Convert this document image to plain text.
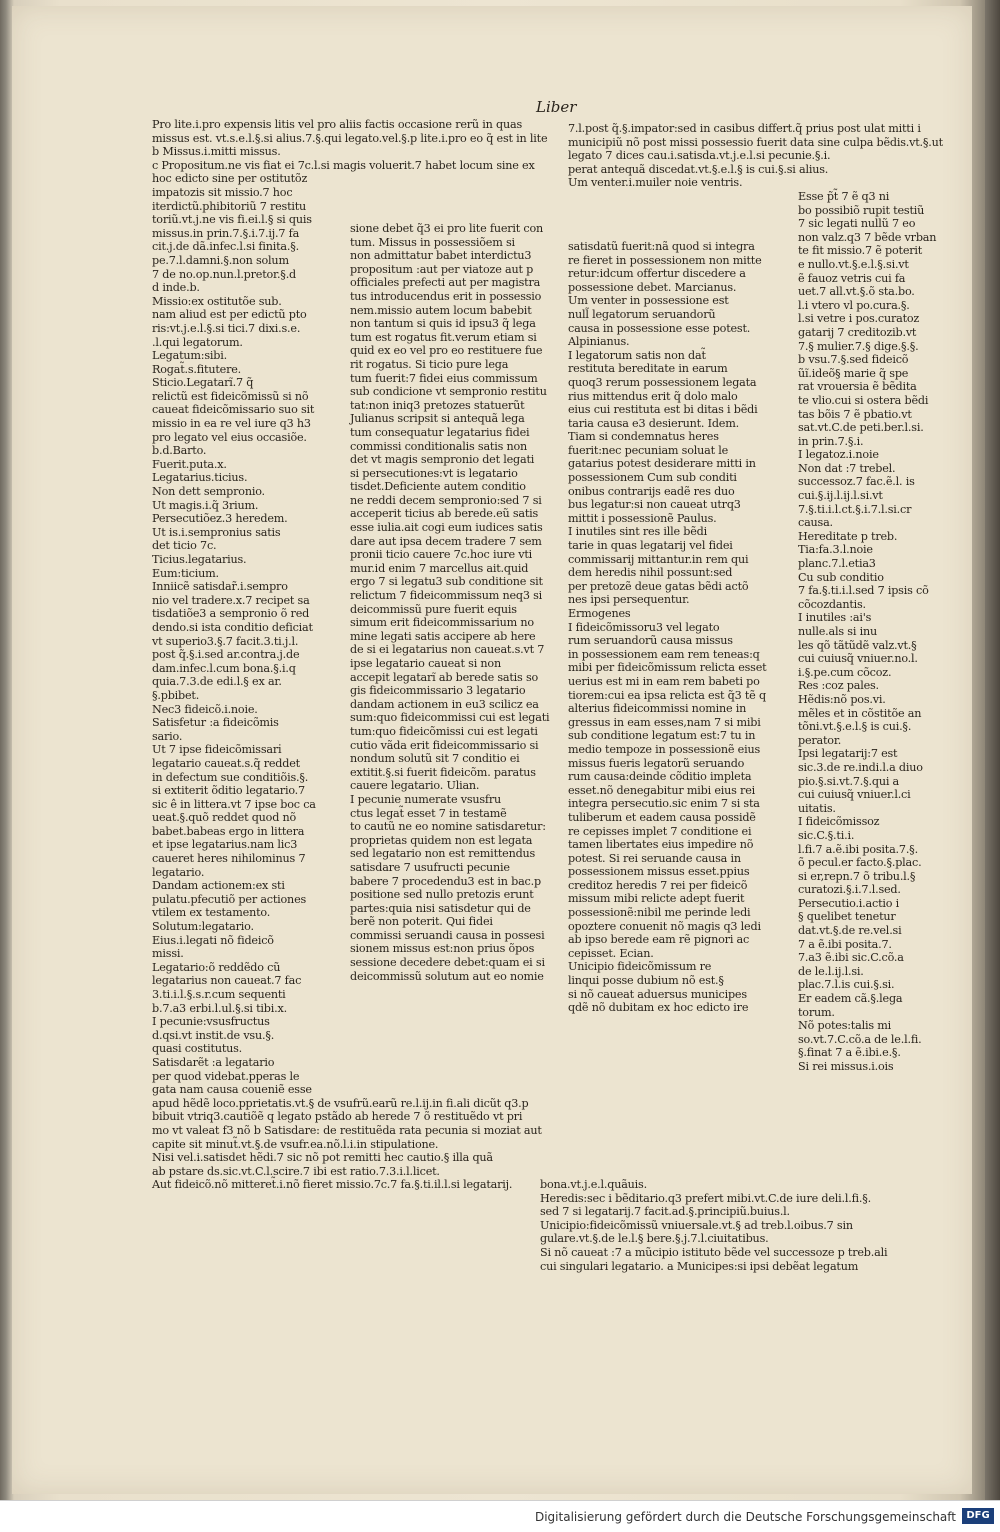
Liber

Pro lite.i.pro expensis litis vel pro aliis factis occasione rerũ in quas

missus est. vt.s.e.l.§.si alius.7.§.qui legato.vel.§.p lite.i.pro eo q̃ est in lite

b Missus.i.mitti missus.

c Propositum.ne vis fiat ei 7c.l.si magis voluerit.7 habet locum sine ex

hoc edicto sine per ostitutõz

impatozis sit missio.7 hoc

iterdictũ.phibitoriũ 7 restitu

toriũ.vt.j.ne vis fi.ei.l.§ si quis

missus.in prin.7.§.i.7.ij.7 fa

cit.j.de dã.infec.l.si finita.§.

pe.7.l.damni.§.non solum

7 de no.op.nun.l.pretor.§.d

d inde.b.

Missio:ex ostitutõe sub.

nam aliud est per edictũ pto

ris:vt.j.e.l.§.si tici.7 dixi.s.e.

.l.qui legatorum.

Legatum:sibi.

Rogat̃.s.fitutere.

Sticio.Legatarĩ.7 q̃

relictũ est fideicõmissũ si nõ

caueat fideicõmissario suo sit

missio in ea re vel iure q3 h3

pro legato vel eius occasiõe.

b.d.Barto.

Fuerit.puta.x.

Legatarius.ticius.

Non dett sempronio.

Ut magis.i.q̃ 3rium.

Persecutiõez.3 heredem.

Ut is.i.sempronius satis

det ticio 7c.

Ticius.legatarius.

Eum:ticium.

Inniicẽ satisdar̃.i.sempro

nio vel tradere.x.7 recipet sa

tisdatiõe3 a sempronio õ red

dendo.si ista conditio deficiat

vt superio3.§.7 facit.3.ti.j.l.

post q̃.§.i.sed ar.contra.j.de

dam.infec.l.cum bona.§.i.q

quia.7.3.de edi.l.§ ex ar.

§.pbibet.

Nec3 fideicõ.i.noie.

Satisfetur :a fideicõmis

sario.

Ut 7 ipse fideicõmissari̇

legatario caueat.s.q̃ reddet

in defectum sue conditiõis.§.

si extiterit õditio legatario.7

sic ê in littera.vt 7 ipse boc ca

ueat.§.quõ reddet quod nõ

babet.babeas ergo in littera

et ipse legatarius.nam lic3

caueret heres nihilominus 7

legatario.

Dandam actionem:ex sti

pulatu.pfecutiõ per actiones

vtilem ex testamento.

Solutum:legatario.

Eius.i.legati nõ fideicõ

missi.

Legatario:õ reddẽdo cũ

legatarius non caueat.7 fac

3.ti.i.l.§.s.r.cum sequenti

b.7.a3 erbi.l.ul.§.si tibi.x.

I pecunie:vsusfructus

d.qsi.vt instit.de vsu.§.

quasi costitutus.

Satisdarẽt :a legatario

per quod videbat.pperas le

gata nam causa coueniẽ esse

apud hẽdẽ loco.pprietatis.vt.§ de vsufrũ.earũ re.l.ij.in fi.ali dicũt q3.p

bibuit vtriq3.cautiõẽ q legato pstãdo ab herede 7 õ restituẽdo vt pri

mo vt valeat f3 nõ b Satisdare: de restituẽda rata pecunia si moziat aut

capite sit minut̃.vt.§.de vsufr.ea.nõ.l.i.in stipulatione.

Nisi vel.i.satisdet hẽdi.7 sic nõ pot remitti hec cautio.§ illa quã

ab pstare ds.sic.vt.C.l.scire.7 ibi est ratio.7.3.i.l.licet.

Aut fideicõ.nõ mitteret̃.i.nõ fieret missio.7c.7 fa.§.ti.il.l.si legatarij.

sione debet q̃3 ei pro lite fuerit con

tum. Missus in possessiõem si

non admittatur babet interdictu3

propositum :aut per viatoze aut p

officiales prefecti aut per magistra

tus introducendus erit in possessio

nem.missio autem locum babebit

non tantum si quis id ipsu3 q̃ lega

tum est rogatus fit.verum etiam si

quid ex eo vel pro eo restituere fue

rit rogatus. Si ticio pure lega

tum fuerit:7 fidei eius commissum

sub condicione vt sempronio restitu

tat:non iniq3 pretozes statuerũt

Julianus scripsit si antequã lega

tum consequatur legatarius fidei

commissi conditionalis satis non

det vt magis sempronio det legati

si persecutiones:vt is legatario

tisdet.Deficiente autem conditio

ne reddi decem sempronio:sed 7 si

acceperit ticius ab berede.eũ satis

esse iulia.ait cogi eum iudices satis

dare aut ipsa decem tradere 7 sem

pronii ticio cauere 7c.hoc iure vti

mur.id enim 7 marcellus ait.quid

ergo 7 si legatu3 sub conditione sit

relictum 7 fideicommissum neq3 si

deicommissũ pure fuerit equis

simum erit fideicommissarium no

mine legati satis accipere ab here

de si ei legatarius non caueat.s.vt 7

ipse legatario caueat si non

accepit legatarĩ ab berede satis so

gis fideicommissario 3 legatario

dandam actionem in eu3 scilicz ea

sum:quo fideicommissi cui est legati

tum:quo fideicõmissi cui est legati

cutio vãda erit fideicommissario si

nondum solutũ sit 7 conditio ei

extitit.§.si fuerit fideicõm. paratus

cauere legatario. Ulian.

I pecunie numerate vsusfru

ctus legat̃ esset 7 in testamẽ

to cautũ ne eo nomine satisdaretur:

proprietas quidem non est legata

sed legatario non est remittendus

satisdare 7 usufructi pecunie

babere 7 procedendu3 est in bac.p

positione sed nullo pretozis erunt

partes:quia nisi satisdetur qui de

berẽ non poterit. Qui fidei

commissi seruandi causa in possesi

sionem missus est:non prius õpos

sessione decedere debet:quam ei si

deicommissũ solutum aut eo nomie

7.l.post q̃.§.impator:sed in casibus differt.q̃ prius post ulat mitti i

municipiũ nõ post missi possessio fuerit data sine culpa bẽdis.vt.§.ut

legato 7 dices cau.i.satisda.vt.j.e.l.si pecunie.§.i.

perat antequã discedat.vt.§.e.l.§ is cui.§.si alius.

Um venter.i.muiler noie ventris.

satisdatũ fuerit:nã quod si integra

re fieret in possessionem non mitte

retur:idcum offertur discedere a

possessione debet. Marcianus.

Um venter in possessione est

null̃ legatorum seruandorũ

causa in possessione esse potest.

Alpinianus.

I legatorum satis non dat̃

restituta bereditate in earum

quoq3 rerum possessionem legata

rius mittendus erit q̃ dolo malo

eius cui restituta est bi ditas i bẽdi

taria causa e3 desierunt. Idem.

Tiam si condemnatus heres

fuerit:nec pecuniam soluat le

gatarius potest desiderare mitti in

possessionem Cum sub conditi

onibus contrarijs eadẽ res duo

bus legatur:si non caueat utrq3

mittit i possessionẽ Paulus.

I inutiles sint res ille bẽdi

tarie in quas legatarij vel fidei

commissarij mittantur.in rem qui

dem heredis nihil possunt:sed

per pretozẽ deue gatas bẽdi actõ

nes ipsi persequentur.

Ermogenes

I fideicõmissoru3 vel legato

rum seruandorũ causa missus

in possessionem eam rem teneas:q

mibi per fideicõmissum relicta esset

uerius est mi in eam rem babeti po

tiorem:cui ea ipsa relicta est q̃3 tẽ q

alterius fideicommissi nomine in

gressus in eam esses,nam 7 si mibi

sub conditione legatum est:7 tu in

medio tempoze in possessionẽ eius

missus fueris legatorũ seruando

rum causa:deinde cõditio impleta

esset.nõ denegabitur mibi eius rei

integra persecutio.sic enim 7 si sta

tuliberum et eadem causa possidẽ

re cepisses implet 7 conditione ei

tamen libertates eius impedire nõ

potest. Si rei seruande causa in

possessionem missus esset.ppius

creditoz heredis 7 rei per fideicõ

missum mibi relicte adept fuerit

possessionẽ:nibil me perinde ledi

opoztere conuenit nõ magis q3 ledi

ab ipso berede eam rẽ pignori ac

cepisset. Ecian.

Unicipio fideicõmissum re

linqui posse dubium nõ est.§

si nõ caueat aduersus municipes

qdẽ nõ dubitam ex hoc edicto ire

Esse p̃t̃ 7 ẽ q3 ni

bo possibiõ rupit testiũ

7 sic legati nullũ 7 eo

non valz.q3 7 bẽde vrban

te fit missio.7 ẽ poterit

e nullo.vt.§.e.l.§.si.vt

ẽ fauoz vetris cui fa

uet.7 all.vt.§.õ sta.bo.

l.i vtero vl po.cura.§.

l.si vetre i pos.curatoz

gatarij 7 creditozib.vt

7.§ mulier.7.§ dige.§.§.

b vsu.7.§.sed fideicõ

ũĩ.ideõ§ marie q̃ spe

rat vrouersia ẽ bẽdita

te vlio.cui si ostera bẽdi

tas bõis 7 ẽ pbatio.vt

sat.vt.C.de peti.ber.l.si.

in prin.7.§.i.

I legatoz.i.noie

Non dat :7 trebel.

successoz.7 fac.ẽ.l. is

cui.§.ij.l.ij.l.si.vt

7.§.ti.i.l.ct.§.i.7.l.si.cr

causa.

Hereditate p treb.

Tia:fa.3.l.noie

planc.7.l.etia3

Cu sub conditio

7 fa.§.ti.i.l.sed 7 ipsis cõ

cõcozdantis.

I inutiles :ai's

nulle.als si inu

les qõ tãtũdẽ valz.vt.§

cui cuiusq̃ vniuer.no.l.

i.§.pe.cum cõcoz.

Res :coz pales.

Hẽdis:nõ pos.vi.

mẽles et in cõstitõe an

tõni.vt.§.e.l.§ is cui.§.

perator.

Ipsi legatarij:7 est

sic.3.de re.indi.l.a diuo

pio.§.si.vt.7.§.qui a

cui cuiusq̃ vniuer.l.ci

uitatis.

I fideicõmissoz

sic.C.§.ti.i.

l.fi.7 a.ẽ.ibi posita.7.§.

õ pecul.er facto.§.plac.

si er,repn.7 õ tribu.l.§

curatozi.§.i.7.l.sed.

Persecutio.i.actio i

§ quelibet tenetur

dat.vt.§.de re.vel.si

7 a ẽ.ibi posita.7.

7.a3 ẽ.ibi sic.C.cõ.a

de le.l.ij.l.si.

plac.7.l.is cui.§.si.

Er eadem cã.§.lega

torum.

Nõ potes:talis mi

so.vt.7.C.cõ.a de le.l.fi.

§.finat 7 a ẽ.ibi.e.§.

Si rei missus.i.ois

bona.vt.j.e.l.quãuis.

Heredis:sec i bẽditario.q3 prefert mibi.vt.C.de iure deli.l.fi.§.

sed 7 si legatarij.7 facit.ad.§.principiũ.buius.l.

Unicipio:fideicõmissũ vniuersale.vt.§ ad treb.l.oibus.7 sin

gulare.vt.§.de le.l.§ bere.§.j.7.l.ciuitatibus.

Si nõ caueat :7 a mũcipio istituto bẽde vel successoze p treb.ali

cui singulari legatario. a Municipes:si ipsi debẽat legatum

Digitalisierung gefördert durch die Deutsche Forschungsgemeinschaft	DFG
